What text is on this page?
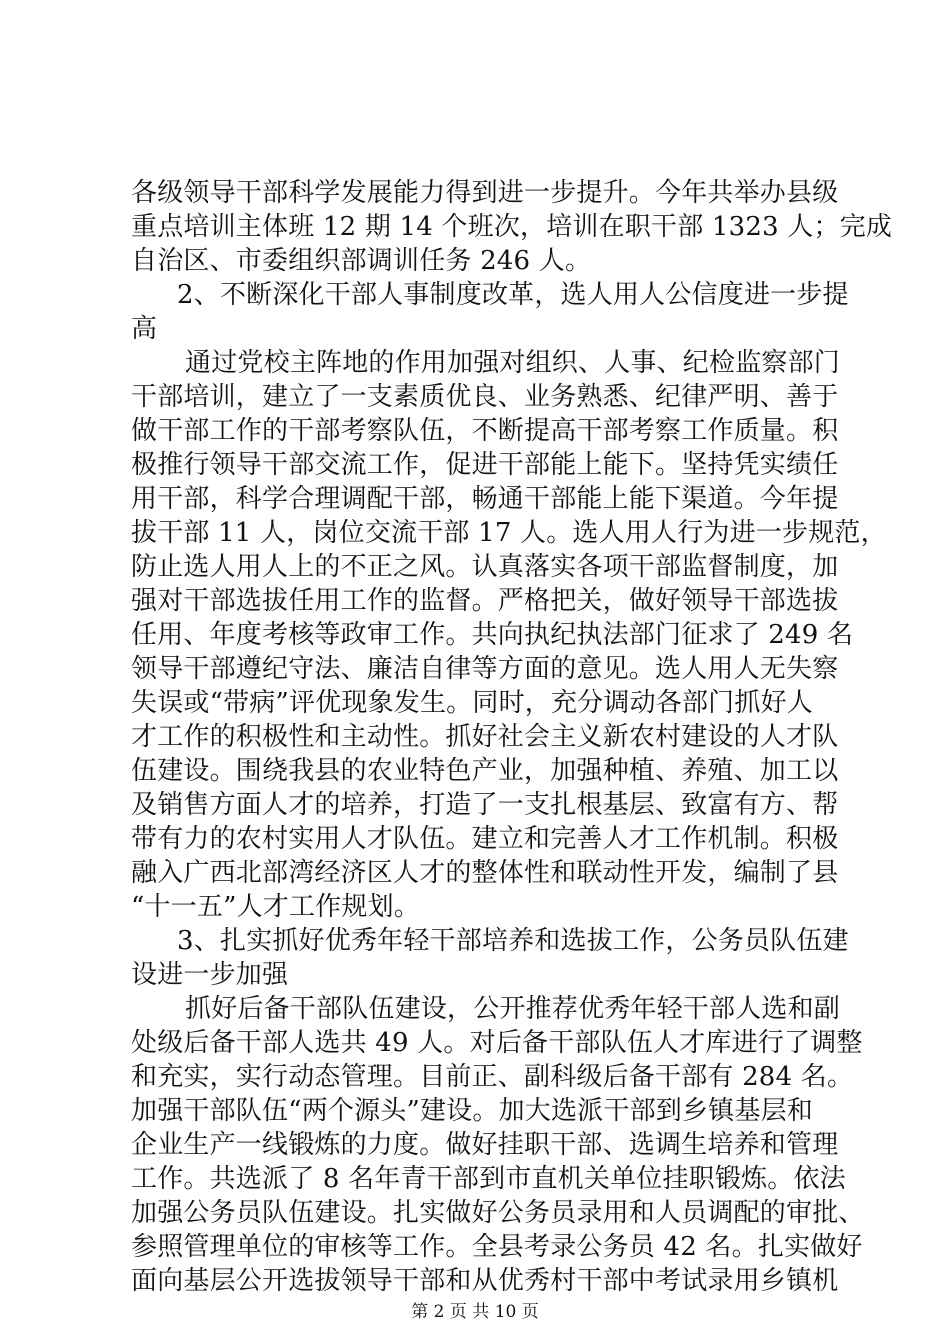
各级领导干部科学发展能力得到进一步提升。今年共举办县级
重点培训主体班 12 期 14 个班次，培训在职干部 1323 人；完成
自治区、市委组织部调训任务 246 人。
2、不断深化干部人事制度改革，选人用人公信度进一步提
高
通过党校主阵地的作用加强对组织、人事、纪检监察部门
干部培训，建立了一支素质优良、业务熟悉、纪律严明、善于
做干部工作的干部考察队伍，不断提高干部考察工作质量。积
极推行领导干部交流工作，促进干部能上能下。坚持凭实绩任
用干部，科学合理调配干部，畅通干部能上能下渠道。今年提
拔干部 11 人，岗位交流干部 17 人。选人用人行为进一步规范，
防止选人用人上的不正之风。认真落实各项干部监督制度，加
强对干部选拔任用工作的监督。严格把关，做好领导干部选拔
任用、年度考核等政审工作。共向执纪执法部门征求了 249 名
领导干部遵纪守法、廉洁自律等方面的意见。选人用人无失察
失误或“带病”评优现象发生。同时，充分调动各部门抓好人
才工作的积极性和主动性。抓好社会主义新农村建设的人才队
伍建设。围绕我县的农业特色产业，加强种植、养殖、加工以
及销售方面人才的培养，打造了一支扎根基层、致富有方、帮
带有力的农村实用人才队伍。建立和完善人才工作机制。积极
融入广西北部湾经济区人才的整体性和联动性开发，编制了县
“十一五”人才工作规划。
3、扎实抓好优秀年轻干部培养和选拔工作，公务员队伍建
设进一步加强
抓好后备干部队伍建设，公开推荐优秀年轻干部人选和副
处级后备干部人选共 49 人。对后备干部队伍人才库进行了调整
和充实，实行动态管理。目前正、副科级后备干部有 284 名。
加强干部队伍“两个源头”建设。加大选派干部到乡镇基层和
企业生产一线锻炼的力度。做好挂职干部、选调生培养和管理
工作。共选派了 8 名年青干部到市直机关单位挂职锻炼。依法
加强公务员队伍建设。扎实做好公务员录用和人员调配的审批、
参照管理单位的审核等工作。全县考录公务员 42 名。扎实做好
面向基层公开选拔领导干部和从优秀村干部中考试录用乡镇机
第 2 页 共 10 页
